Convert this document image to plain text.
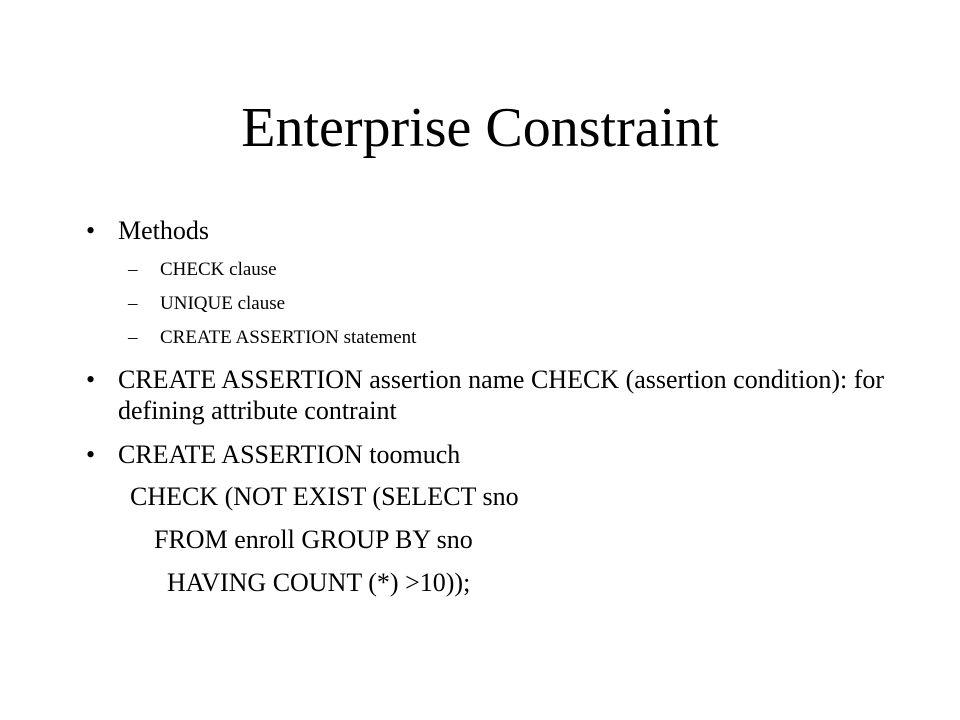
Enterprise Constraint
• Methods
– CHECK clause
– UNIQUE clause
– CREATE ASSERTION statement
• CREATE ASSERTION assertion name CHECK (assertion condition): for defining attribute contraint
• CREATE ASSERTION toomuch
CHECK (NOT EXIST (SELECT sno
FROM enroll GROUP BY sno
HAVING COUNT (*) >10));
